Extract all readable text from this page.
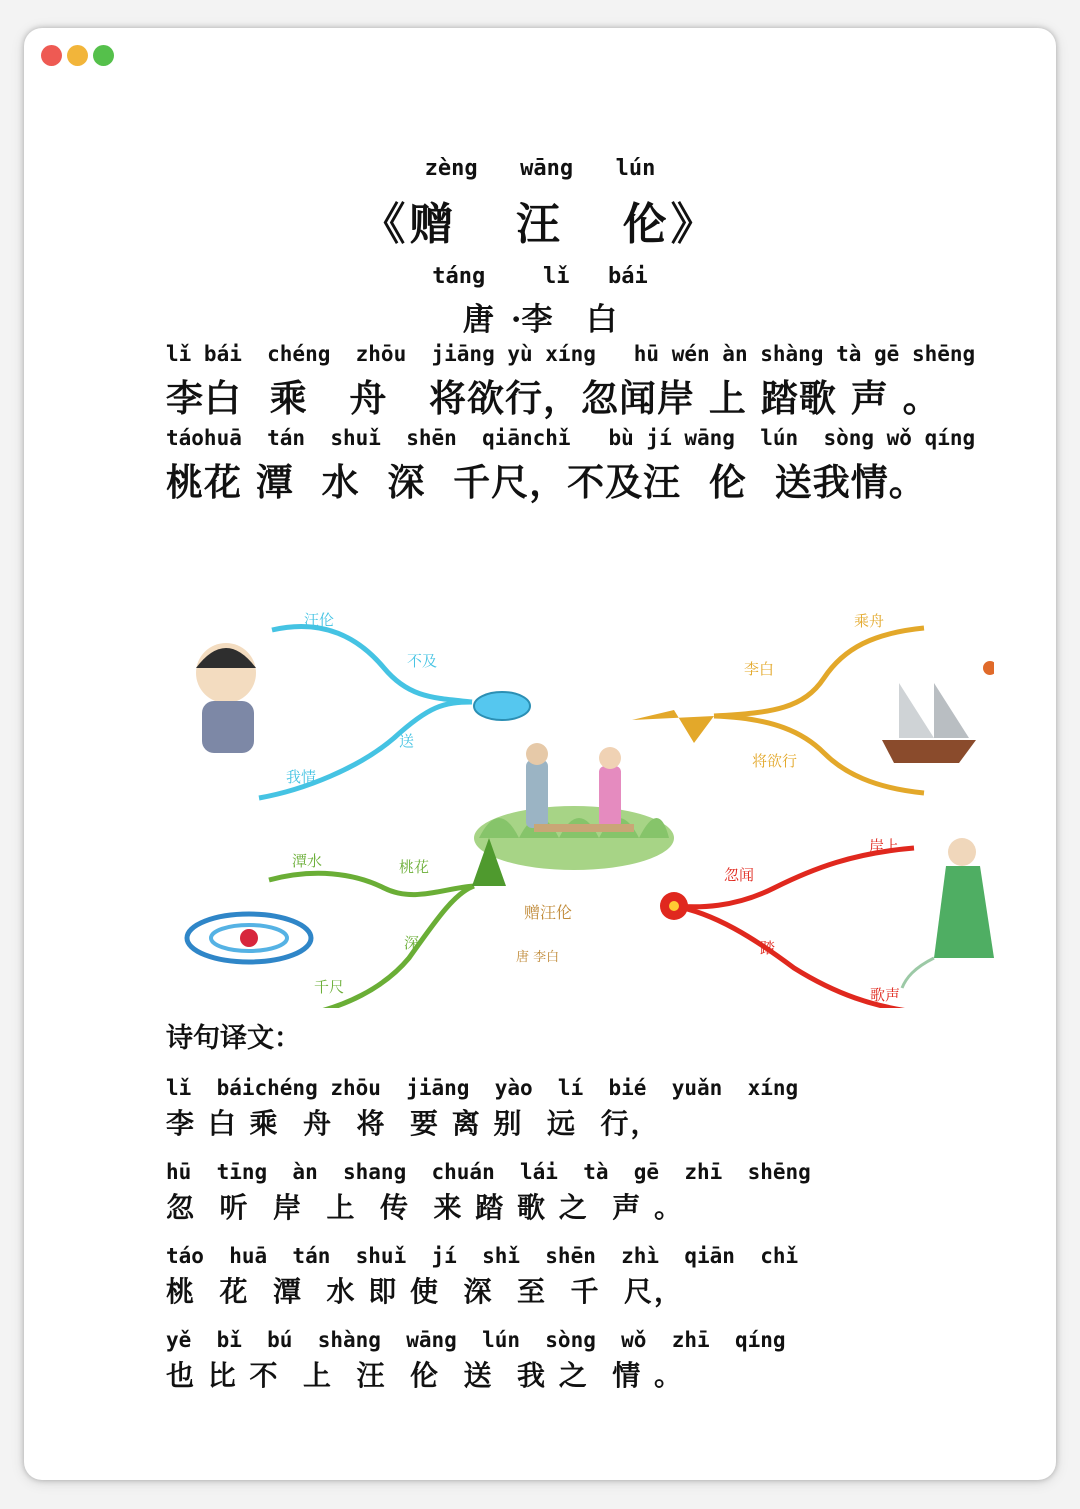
zèng  wāng  lún
《赠  汪  伦》
táng   lǐ  bái
唐 ·李  白
lǐ bái  chéng  zhōu  jiāng yù xíng   hū wén àn shàng tà gē shēng
李白  乘   舟   将欲行，忽闻岸 上 踏歌 声 。
táohuā  tán  shuǐ  shēn  qiānchǐ   bù jí wāng  lún  sòng wǒ qíng
桃花 潭  水  深  千尺，不及汪  伦  送我情。
赠汪伦
唐 李白
汪伦
不及
送
我情
乘舟
李白
将欲行
潭水	桃花
深
千尺
岸上
忽闻
踏
歌声
诗句译文：
lǐ  báichéng zhōu  jiāng  yào  lí  bié  yuǎn  xíng
李 白 乘  舟  将  要 离 别  远  行，
hū  tīng  àn  shang  chuán  lái  tà  gē  zhī  shēng
忽  听  岸  上  传  来 踏 歌 之  声 。
táo  huā  tán  shuǐ  jí  shǐ  shēn  zhì  qiān  chǐ
桃  花  潭  水 即 使  深  至  千  尺，
yě  bǐ  bú  shàng  wāng  lún  sòng  wǒ  zhī  qíng
也 比 不  上  汪  伦  送  我 之  情 。
